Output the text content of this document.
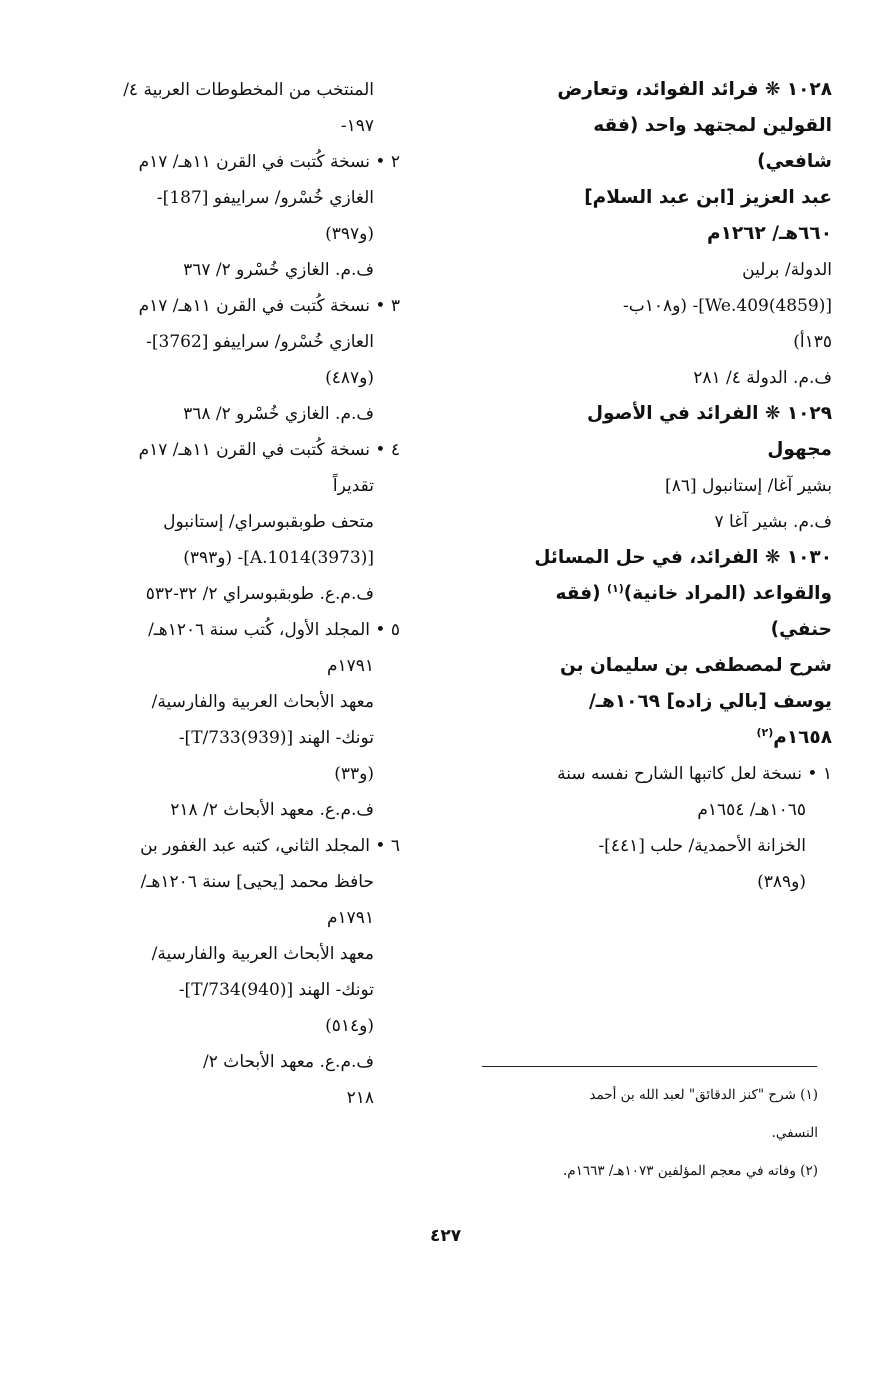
١٠٢٨ ❋ فرائد الفوائد، وتعارض
القولين لمجتهد واحد (فقه
شافعي)
عبد العزيز [ابن عبد السلام]
٦٦٠هـ/ ١٢٦٢م
الدولة/ برلين
[(4859)We.409]- (و١٠٨ب-
١٣٥أ)
ف.م. الدولة ٤/ ٢٨١
١٠٢٩ ❋ الفرائد في الأصول
مجهول
بشير آغا/ إستانبول [٨٦]
ف.م. بشير آغا ٧
١٠٣٠ ❋ الفرائد، في حل المسائل
والقواعد (المراد خانية)$^{(١)}$ (فقه
حنفي)
شرح لمصطفى بن سليمان بن
يوسف [بالي زاده] ١٠٦٩هـ/
١٦٥٨م$^{(٢)}$
١ • نسخة لعل كاتبها الشارح نفسه سنة
١٠٦٥هـ/ ١٦٥٤م
الخزانة الأحمدية/ حلب [٤٤١]-
(و٣٨٩)
المنتخب من المخطوطات العربية ٤/
١٩٧-
٢ • نسخة كُتبت في القرن ١١هـ/ ١٧م
الغازي خُسْرو/ سراييفو [187]-
(و٣٩٧)
ف.م. الغازي خُسْرو ٢/ ٣٦٧
٣ • نسخة كُتبت في القرن ١١هـ/ ١٧م
العازي خُسْرو/ سراييفو [3762]-
(و٤٨٧)
ف.م. الغازي خُسْرو ٢/ ٣٦٨
٤ • نسخة كُتبت في القرن ١١هـ/ ١٧م
تقديراً
متحف طوبقبوسراي/ إستانبول
[(3973)A.1014]- (و٣٩٣)
ف.م.ع. طوبقبوسراي ٢/ ٣٢-٥٣٢
٥ • المجلد الأول، كُتب سنة ١٢٠٦هـ/
١٧٩١م
معهد الأبحاث العربية والفارسية/
تونك- الهند [(939)T/733]-
(و٣٣)
ف.م.ع. معهد الأبحاث ٢/ ٢١٨
٦ • المجلد الثاني، كتبه عبد الغفور بن
حافظ محمد [يحيى] سنة ١٢٠٦هـ/
١٧٩١م
معهد الأبحاث العربية والفارسية/
تونك- الهند [(940)T/734]-
(و٥١٤)
ف.م.ع. معهد الأبحاث ٢/
٢١٨	(١) شرح "كنز الدقائق" لعبد الله بن أحمد
النسفي.
(٢) وفاته في معجم المؤلفين ١٠٧٣هـ/ ١٦٦٣م.
٤٢٧
